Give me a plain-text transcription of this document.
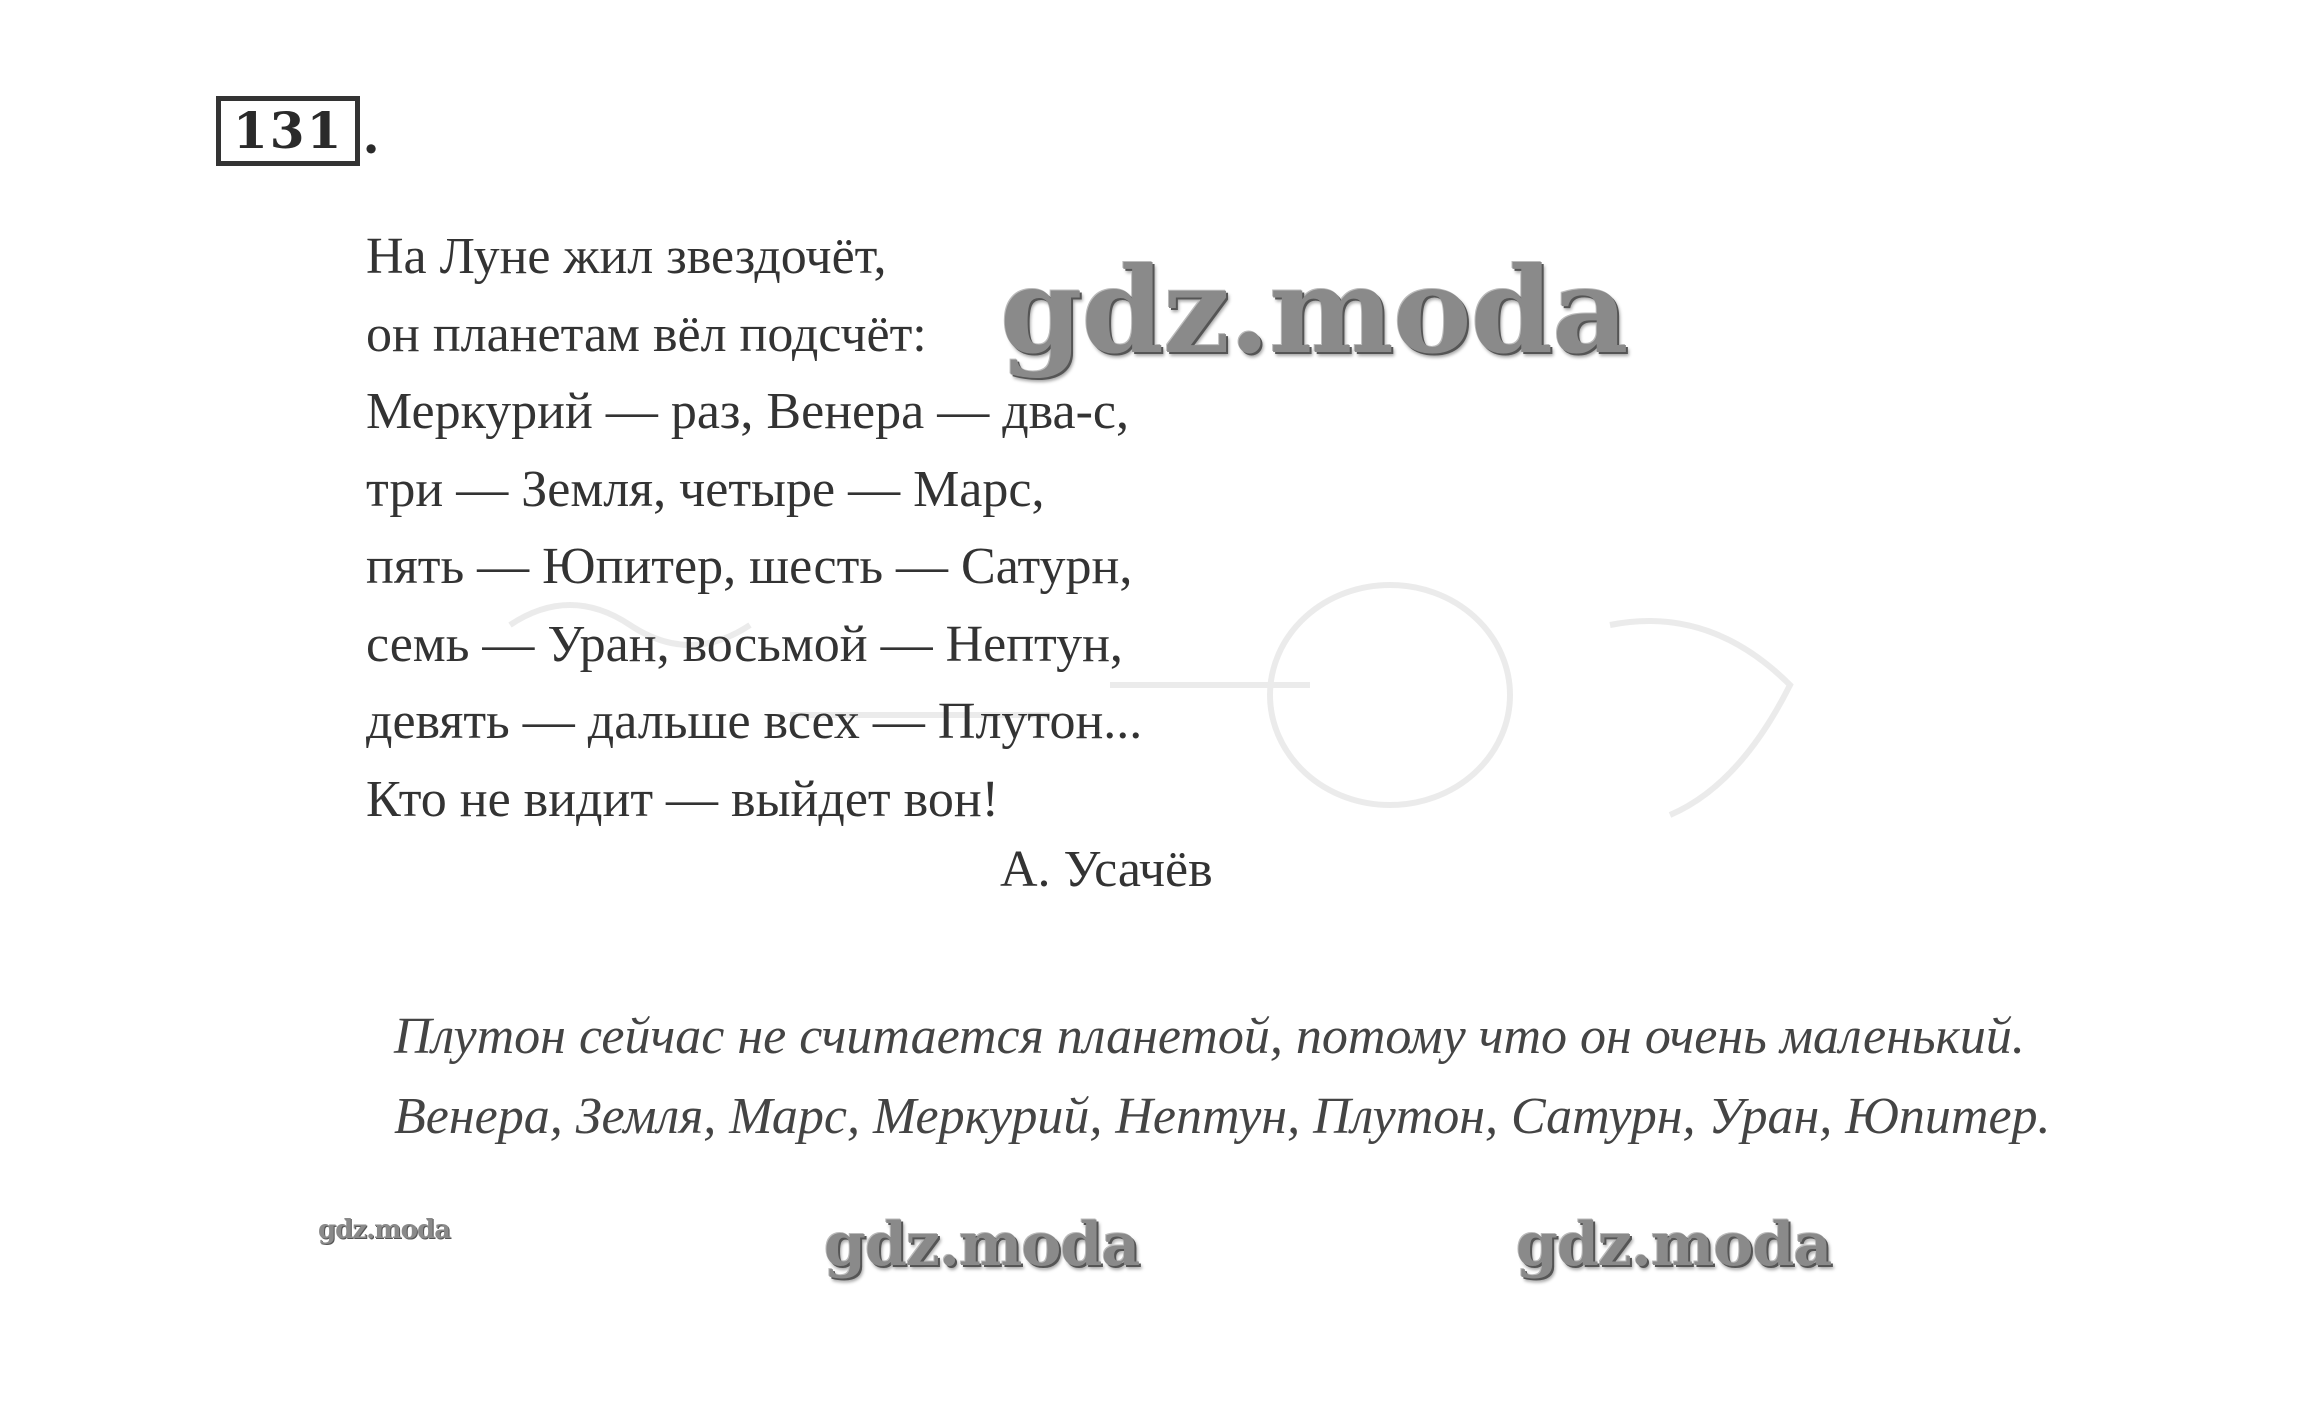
131 .
На Луне жил звездочёт,
он планетам вёл подсчёт:
Меркурий — раз, Венера — два-с,
три — Земля, четыре — Марс,
пять — Юпитер, шесть — Сатурн,
семь — Уран, восьмой — Нептун,
девять — дальше всех — Плутон...
Кто не видит — выйдет вон!
А. Усачёв

Плутон сейчас не считается планетой, потому что он очень маленький.

Венера, Земля, Марс, Меркурий, Нептун, Плутон, Сатурн, Уран, Юпитер.

gdz.moda
gdz.moda	gdz.moda
gdz.moda
